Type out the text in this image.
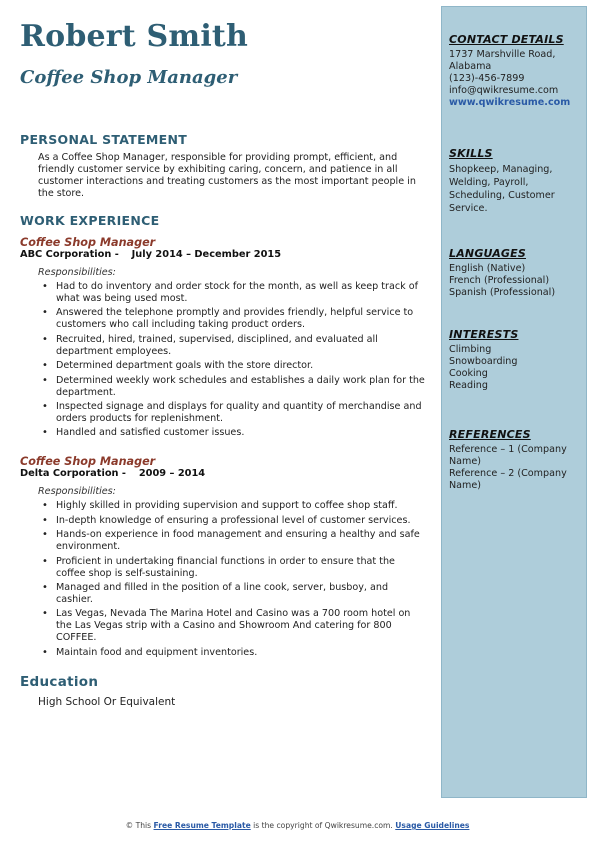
Robert Smith
Coffee Shop Manager
PERSONAL STATEMENT

As a Coffee Shop Manager, responsible for providing prompt, efficient, and friendly customer service by exhibiting caring, concern, and patience in all customer interactions and treating customers as the most important people in the store.

WORK EXPERIENCE
Coffee Shop Manager
ABC Corporation - July 2014 – December 2015
Responsibilities:
• Had to do inventory and order stock for the month, as well as keep track of what was being used most.
• Answered the telephone promptly and provides friendly, helpful service to customers who call including taking product orders.
• Recruited, hired, trained, supervised, disciplined, and evaluated all department employees.
• Determined department goals with the store director.
• Determined weekly work schedules and establishes a daily work plan for the department.
• Inspected signage and displays for quality and quantity of merchandise and orders products for replenishment.
• Handled and satisfied customer issues.
Coffee Shop Manager
Delta Corporation - 2009 – 2014
Responsibilities:
• Highly skilled in providing supervision and support to coffee shop staff.
• In-depth knowledge of ensuring a professional level of customer services.
• Hands-on experience in food management and ensuring a healthy and safe environment.
• Proficient in undertaking financial functions in order to ensure that the coffee shop is self-sustaining.
• Managed and filled in the position of a line cook, server, busboy, and cashier.
• Las Vegas, Nevada The Marina Hotel and Casino was a 700 room hotel on the Las Vegas strip with a Casino and Showroom And catering for 800 COFFEE.
• Maintain food and equipment inventories.
Education

High School Or Equivalent

CONTACT DETAILS

1737 Marshville Road,

Alabama

(123)-456-7899

info@qwikresume.com

www.qwikresume.com

SKILLS

Shopkeep, Managing, Welding, Payroll, Scheduling, Customer Service.

LANGUAGES

English (Native)

French (Professional)

Spanish (Professional)

INTERESTS

Climbing

Snowboarding

Cooking

Reading

REFERENCES

Reference – 1 (Company Name)

Reference – 2 (Company Name)

© This Free Resume Template is the copyright of Qwikresume.com. Usage Guidelines
